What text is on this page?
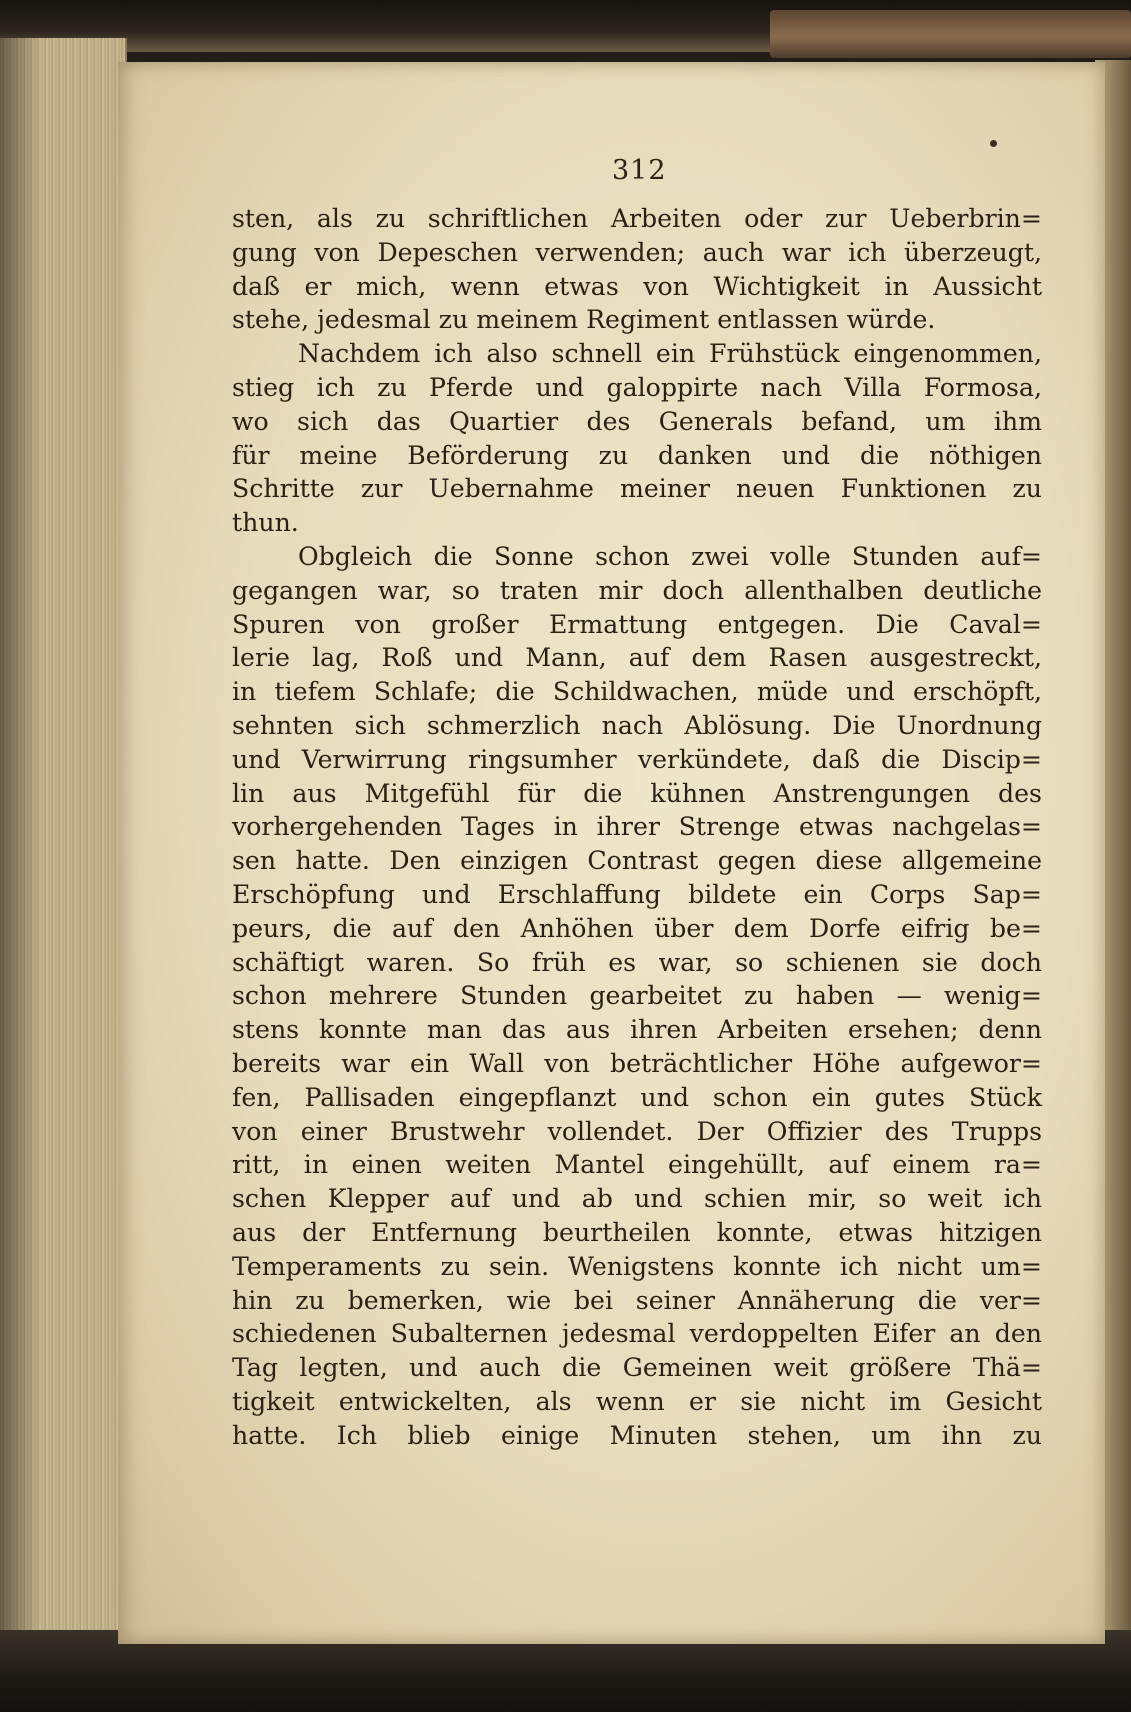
312
sten, als zu schriftlichen Arbeiten oder zur Ueberbrin=
gung von Depeschen verwenden; auch war ich überzeugt,
daß er mich, wenn etwas von Wichtigkeit in Aussicht
stehe, jedesmal zu meinem Regiment entlassen würde.
Nachdem ich also schnell ein Frühstück eingenommen,
stieg ich zu Pferde und galoppirte nach Villa Formosa,
wo sich das Quartier des Generals befand, um ihm
für meine Beförderung zu danken und die nöthigen
Schritte zur Uebernahme meiner neuen Funktionen zu
thun.
Obgleich die Sonne schon zwei volle Stunden auf=
gegangen war, so traten mir doch allenthalben deutliche
Spuren von großer Ermattung entgegen. Die Caval=
lerie lag, Roß und Mann, auf dem Rasen ausgestreckt,
in tiefem Schlafe; die Schildwachen, müde und erschöpft,
sehnten sich schmerzlich nach Ablösung. Die Unordnung
und Verwirrung ringsumher verkündete, daß die Discip=
lin aus Mitgefühl für die kühnen Anstrengungen des
vorhergehenden Tages in ihrer Strenge etwas nachgelas=
sen hatte. Den einzigen Contrast gegen diese allgemeine
Erschöpfung und Erschlaffung bildete ein Corps Sap=
peurs, die auf den Anhöhen über dem Dorfe eifrig be=
schäftigt waren. So früh es war, so schienen sie doch
schon mehrere Stunden gearbeitet zu haben — wenig=
stens konnte man das aus ihren Arbeiten ersehen; denn
bereits war ein Wall von beträchtlicher Höhe aufgewor=
fen, Pallisaden eingepflanzt und schon ein gutes Stück
von einer Brustwehr vollendet. Der Offizier des Trupps
ritt, in einen weiten Mantel eingehüllt, auf einem ra=
schen Klepper auf und ab und schien mir, so weit ich
aus der Entfernung beurtheilen konnte, etwas hitzigen
Temperaments zu sein. Wenigstens konnte ich nicht um=
hin zu bemerken, wie bei seiner Annäherung die ver=
schiedenen Subalternen jedesmal verdoppelten Eifer an den
Tag legten, und auch die Gemeinen weit größere Thä=
tigkeit entwickelten, als wenn er sie nicht im Gesicht
hatte. Ich blieb einige Minuten stehen, um ihn zu
